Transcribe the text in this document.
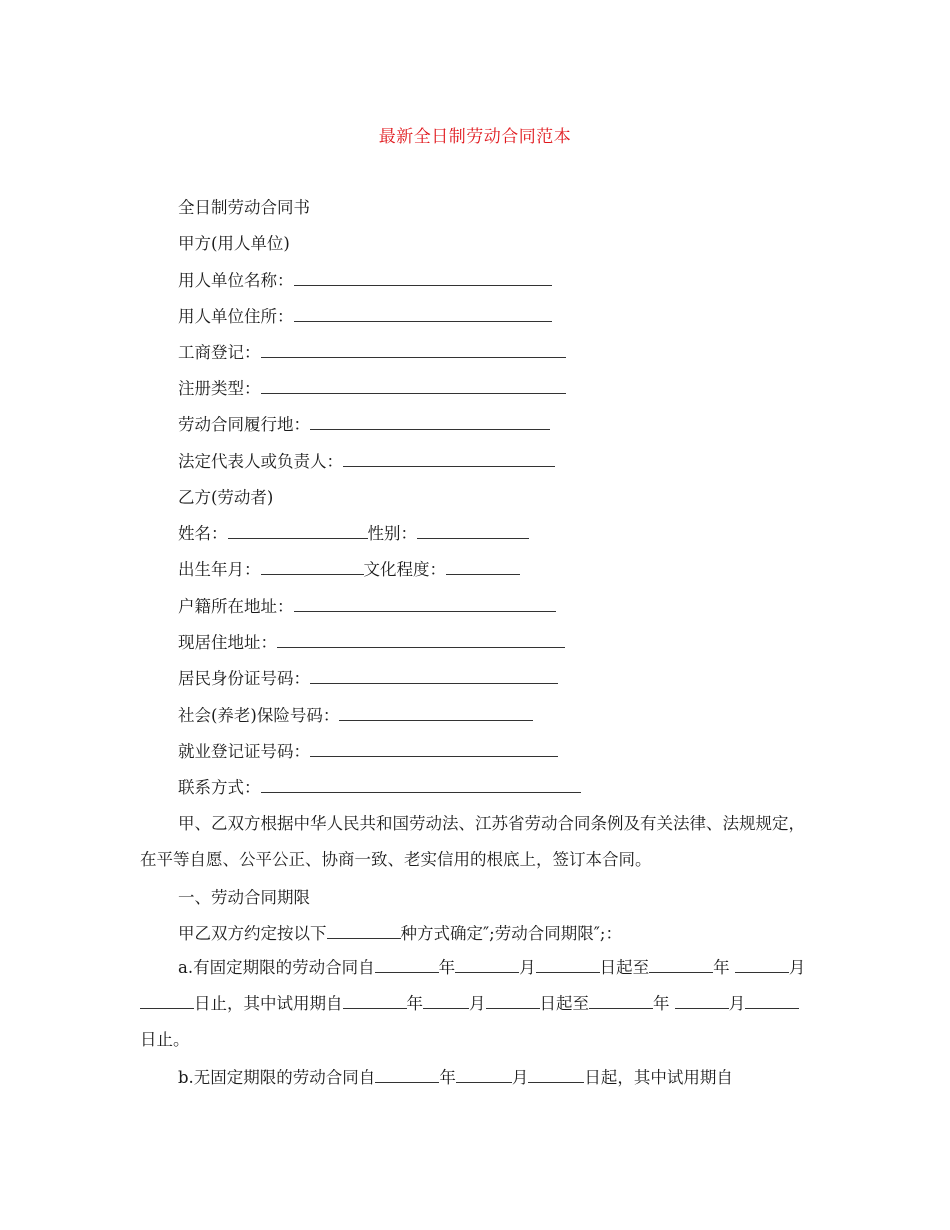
最新全日制劳动合同范本
全日制劳动合同书
甲方(用人单位)
用人单位名称：
用人单位住所：
工商登记：
注册类型：
劳动合同履行地：
法定代表人或负责人：
乙方(劳动者)
姓名：	性别：
出生年月：	文化程度：
户籍所在地址：
现居住地址：
居民身份证号码：
社会(养老)保险号码：
就业登记证号码：
联系方式：
甲、乙双方根据中华人民共和国劳动法、江苏省劳动合同条例及有关法律、法规规定，在平等自愿、公平公正、协商一致、老实信用的根底上，签订本合同。
一、劳动合同期限
甲乙双方约定按以下	种方式确定″;劳动合同期限″;：
a.有固定期限的劳动合同自	年	月	日起至	年	月日止，其中试用期自	年	月	日起至	年	月日止。
b.无固定期限的劳动合同自	年	月	日起，其中试用期自
